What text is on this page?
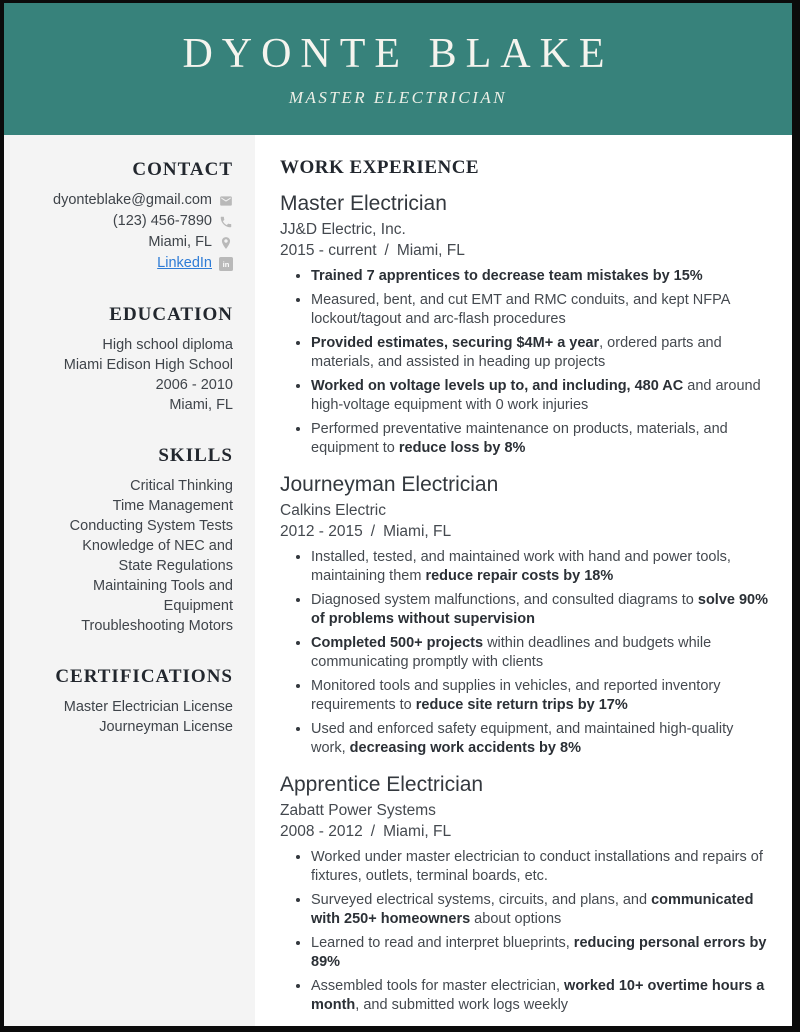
DYONTE BLAKE
MASTER ELECTRICIAN
CONTACT
dyonteblake@gmail.com
(123) 456-7890
Miami, FL
LinkedIn in
EDUCATION
High school diploma
Miami Edison High School
2006 - 2010
Miami, FL
SKILLS
Critical Thinking
Time Management
Conducting System Tests
Knowledge of NEC and State Regulations
Maintaining Tools and Equipment
Troubleshooting Motors
CERTIFICATIONS
Master Electrician License
Journeyman License
WORK EXPERIENCE
Master Electrician
JJ&D Electric, Inc.
2015 - current / Miami, FL
• Trained 7 apprentices to decrease team mistakes by 15%
• Measured, bent, and cut EMT and RMC conduits, and kept NFPA lockout/tagout and arc-flash procedures
• Provided estimates, securing $4M+ a year, ordered parts and materials, and assisted in heading up projects
• Worked on voltage levels up to, and including, 480 AC and around high-voltage equipment with 0 work injuries
• Performed preventative maintenance on products, materials, and equipment to reduce loss by 8%
Journeyman Electrician
Calkins Electric
2012 - 2015 / Miami, FL
• Installed, tested, and maintained work with hand and power tools, maintaining them reduce repair costs by 18%
• Diagnosed system malfunctions, and consulted diagrams to solve 90% of problems without supervision
• Completed 500+ projects within deadlines and budgets while communicating promptly with clients
• Monitored tools and supplies in vehicles, and reported inventory requirements to reduce site return trips by 17%
• Used and enforced safety equipment, and maintained high-quality work, decreasing work accidents by 8%
Apprentice Electrician
Zabatt Power Systems
2008 - 2012 / Miami, FL
• Worked under master electrician to conduct installations and repairs of fixtures, outlets, terminal boards, etc.
• Surveyed electrical systems, circuits, and plans, and communicated with 250+ homeowners about options
• Learned to read and interpret blueprints, reducing personal errors by 89%
• Assembled tools for master electrician, worked 10+ overtime hours a month, and submitted work logs weekly
